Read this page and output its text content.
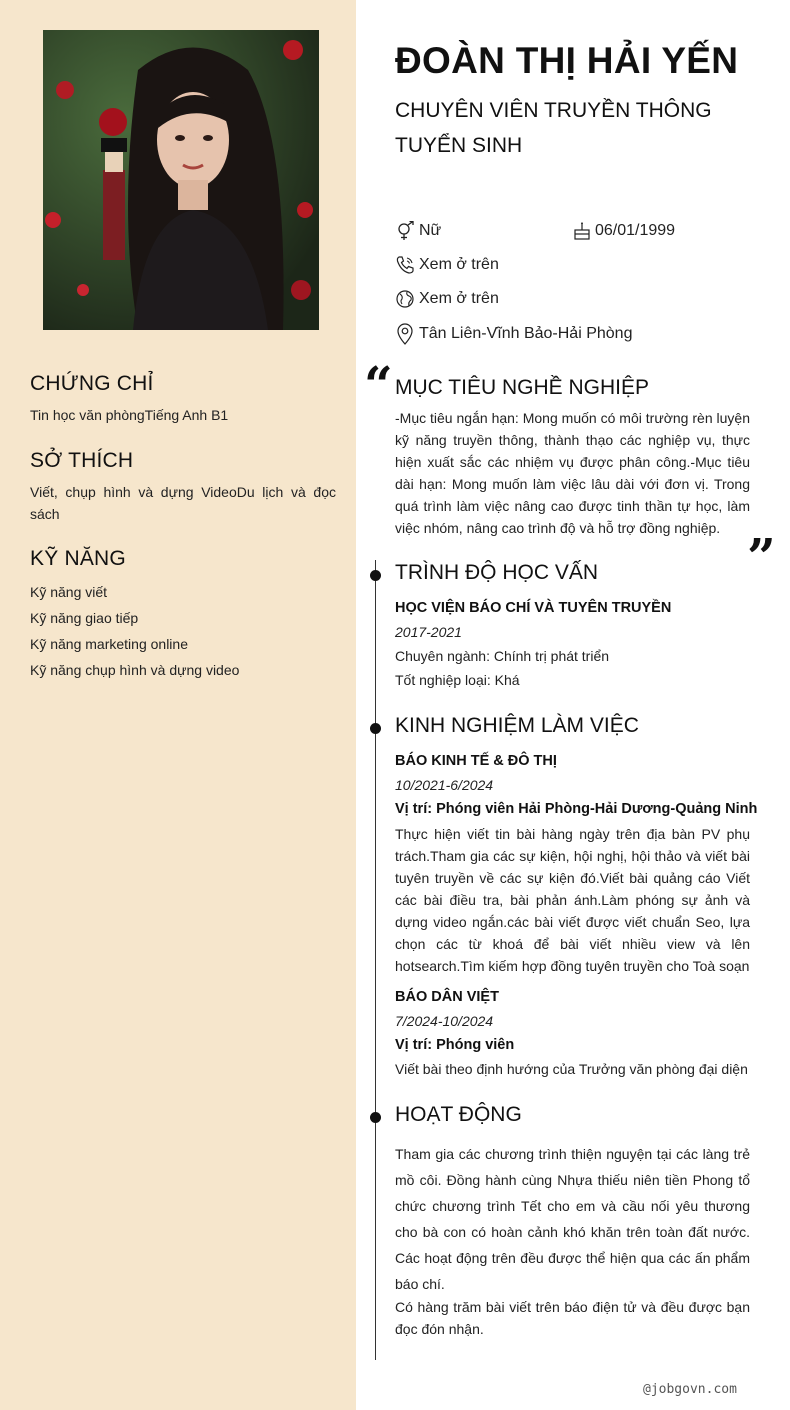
CHỨNG CHỈ
Tin học văn phòngTiếng Anh B1
SỞ THÍCH
Viết, chụp hình và dựng VideoDu lịch và đọc sách
KỸ NĂNG
Kỹ năng viết
Kỹ năng giao tiếp
Kỹ năng marketing online
Kỹ năng chụp hình và dựng video
ĐOÀN THỊ HẢI YẾN
CHUYÊN VIÊN TRUYỀN THÔNG TUYỂN SINH
Nữ	06/01/1999
Xem ở trên
Xem ở trên
Tân Liên-Vĩnh Bảo-Hải Phòng
“ MỤC TIÊU NGHỀ NGHIỆP
-Mục tiêu ngắn hạn: Mong muốn có môi trường rèn luyện kỹ năng truyền thông, thành thạo các nghiệp vụ, thực hiện xuất sắc các nhiệm vụ được phân công.-Mục tiêu dài hạn: Mong muốn làm việc lâu dài với đơn vị. Trong quá trình làm việc nâng cao được tinh thần tự học, làm việc nhóm, nâng cao trình độ và hỗ trợ đồng nghiệp. ”
TRÌNH ĐỘ HỌC VẤN
HỌC VIỆN BÁO CHÍ VÀ TUYÊN TRUYỀN
2017-2021
Chuyên ngành: Chính trị phát triển
Tốt nghiệp loại: Khá
KINH NGHIỆM LÀM VIỆC
BÁO KINH TẾ & ĐÔ THỊ
10/2021-6/2024
Vị trí: Phóng viên Hải Phòng-Hải Dương-Quảng Ninh
Thực hiện viết tin bài hàng ngày trên địa bàn PV phụ trách.Tham gia các sự kiện, hội nghị, hội thảo và viết bài tuyên truyền về các sự kiện đó.Viết bài quảng cáo Viết các bài điều tra, bài phản ánh.Làm phóng sự ảnh và dựng video ngắn.các bài viết được viết chuẩn Seo, lựa chọn các từ khoá để bài viết nhiều view và lên hotsearch.Tìm kiếm hợp đồng tuyên truyền cho Toà soạn
BÁO DÂN VIỆT
7/2024-10/2024
Vị trí: Phóng viên
Viết bài theo định hướng của Trưởng văn phòng đại diện
HOẠT ĐỘNG
Tham gia các chương trình thiện nguyện tại các làng trẻ mồ côi. Đồng hành cùng Nhựa thiếu niên tiền Phong tổ chức chương trình Tết cho em và cầu nối yêu thương cho bà con có hoàn cảnh khó khăn trên toàn đất nước. Các hoạt động trên đều được thể hiện qua các ấn phẩm báo chí.
Có hàng trăm bài viết trên báo điện tử và đều được bạn đọc đón nhận.
@jobgovn.com
